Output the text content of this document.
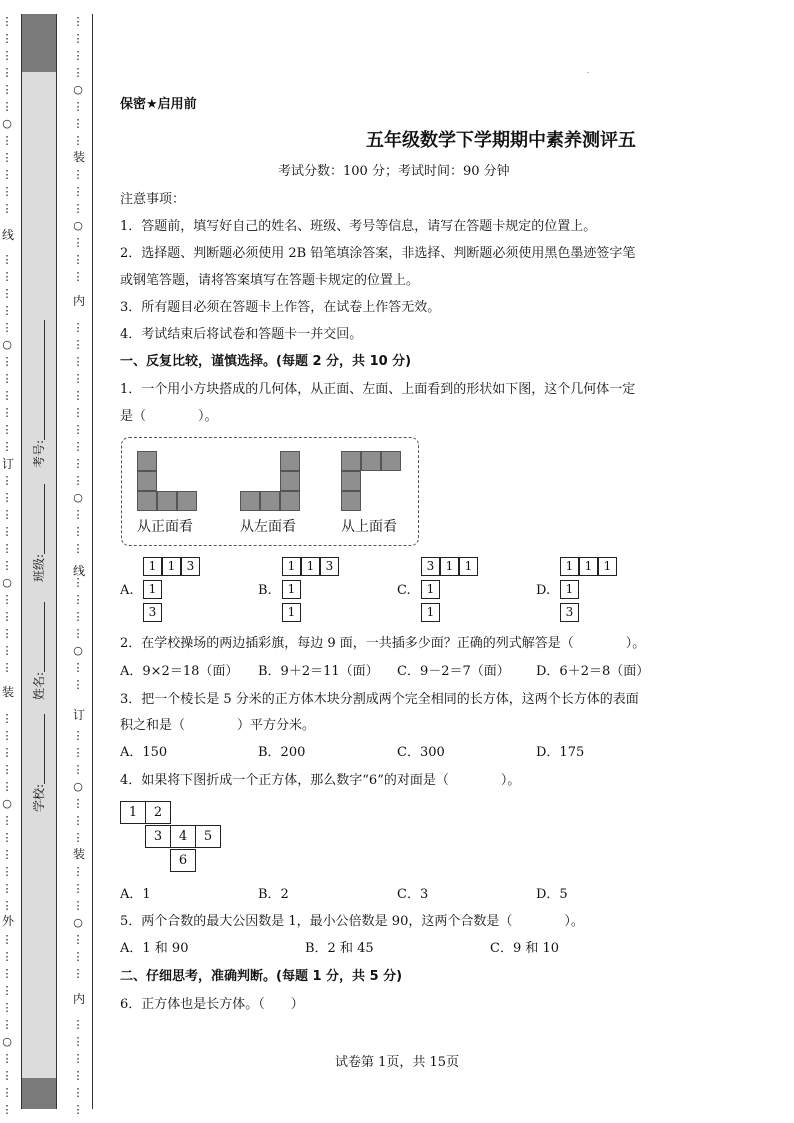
⋮
⋮
⋮
⋮
⋮
⋮
○
⋮
⋮
⋮
⋮
⋮
⋮
⋮
⋮
⋮
⋮
○
⋮
⋮
⋮
⋮
⋮
⋮
⋮
⋮
⋮
⋮
⋮
⋮
○
⋮
⋮
⋮
⋮
⋮
⋮
⋮
⋮
⋮
⋮
○
⋮
⋮
⋮
⋮
⋮
⋮
⋮
⋮
⋮
⋮
⋮
⋮
○
⋮
⋮
⋮
⋮
⋮
⋮
⋮
⋮
○
⋮
⋮
⋮
⋮
⋮
⋮
○
⋮
⋮
⋮
⋮
⋮
⋮
⋮
⋮
⋮
⋮
⋮
⋮
⋮
○
⋮
⋮
⋮
⋮
⋮
⋮
⋮
○
⋮
⋮
⋮
⋮
⋮
○
⋮
⋮
⋮
⋮
⋮
⋮
○
⋮
⋮
⋮
⋮
⋮
⋮
⋮
⋮
⋮
线
订
装
外
装
内
线
订
装
内
考号:
班级:
姓名:
学校:
·
保密★启用前
五年级数学下学期期中素养测评五
考试分数：100 分；考试时间：90 分钟
注意事项：
1．答题前，填写好自己的姓名、班级、考号等信息，请写在答题卡规定的位置上。
2．选择题、判断题必须使用 2B 铅笔填涂答案，非选择、判断题必须使用黑色墨迹签字笔
或钢笔答题，请将答案填写在答题卡规定的位置上。
3．所有题目必须在答题卡上作答，在试卷上作答无效。
4．考试结束后将试卷和答题卡一并交回。
一、反复比较，谨慎选择。(每题 2 分，共 10 分)
1．一个用小方块搭成的几何体，从正面、左面、上面看到的形状如下图，这个几何体一定
是（　　　　）。
从正面看	从左面看	从上面看
A.
1 1 3
1
3
B.
1 1 3
1
1
C.
3 1 1
1
1
D.
1 1 1
1
3
2．在学校操场的两边插彩旗，每边 9 面，一共插多少面？正确的列式解答是（　　　　）。
A．9×2＝18（面） B．9＋2＝11（面） C．9－2＝7（面） D．6＋2＝8（面）
3．把一个棱长是 5 分米的正方体木块分割成两个完全相同的长方体，这两个长方体的表面
积之和是（　　　　）平方分米。
A．150	B．200	C．300	D．175
4．如果将下图折成一个正方体，那么数字“6”的对面是（　　　　）。
1	2
3	4	5
6
A．1	B．2	C．3	D．5
5．两个合数的最大公因数是 1，最小公倍数是 90，这两个合数是（　　　　）。
A．1 和 90	B．2 和 45	C．9 和 10
二、仔细思考，准确判断。(每题 1 分，共 5 分)
6．正方体也是长方体。（　　）
试卷第 1页，共 15页
